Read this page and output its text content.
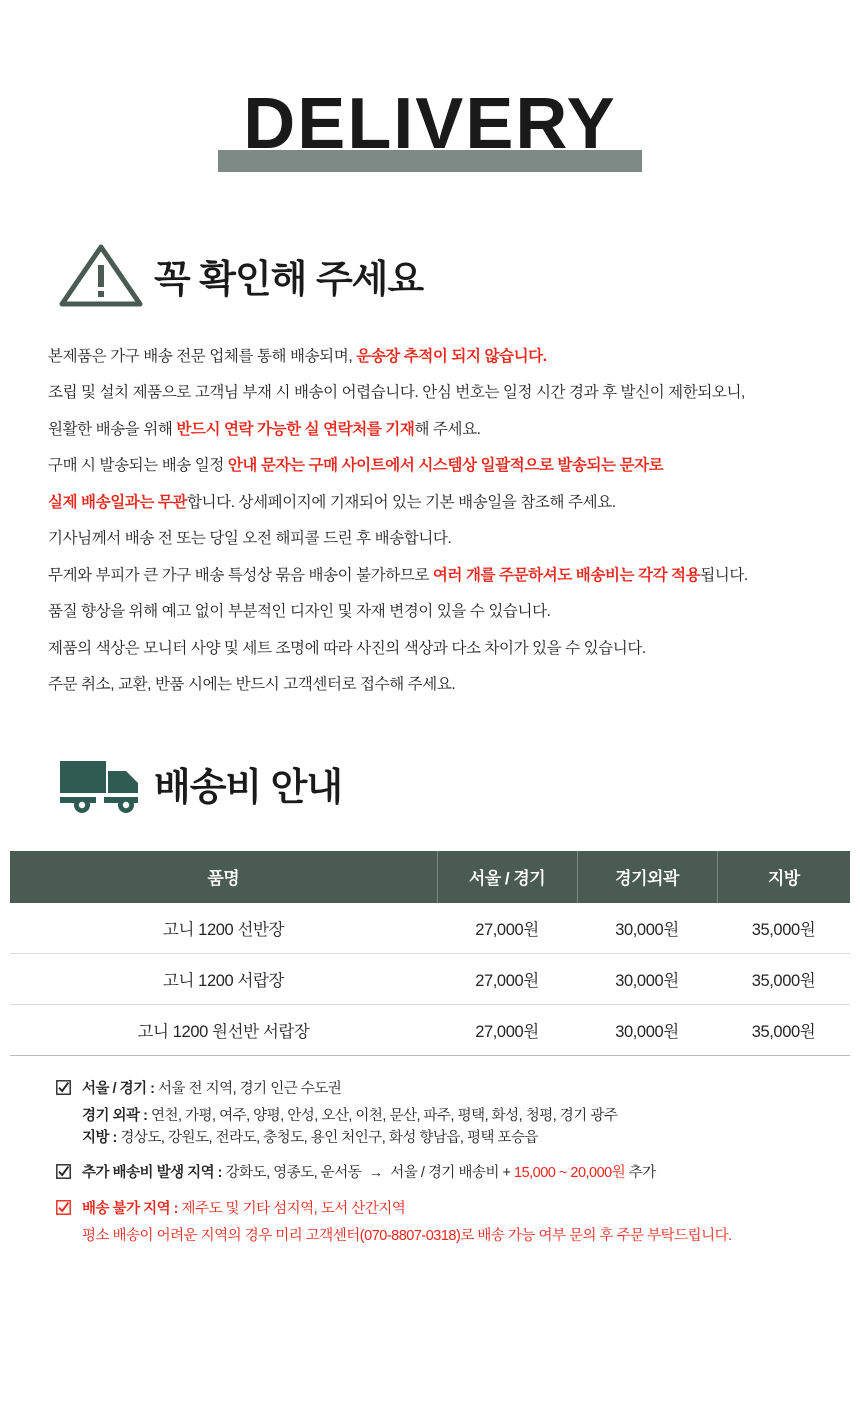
DELIVERY
꼭 확인해 주세요

본제품은 가구 배송 전문 업체를 통해 배송되며, 운송장 추적이 되지 않습니다.

조립 및 설치 제품으로 고객님 부재 시 배송이 어렵습니다. 안심 번호는 일정 시간 경과 후 발신이 제한되오니,

원활한 배송을 위해 반드시 연락 가능한 실 연락처를 기재해 주세요.

구매 시 발송되는 배송 일정 안내 문자는 구매 사이트에서 시스템상 일괄적으로 발송되는 문자로

실제 배송일과는 무관합니다. 상세페이지에 기재되어 있는 기본 배송일을 참조해 주세요.

기사님께서 배송 전 또는 당일 오전 해피콜 드린 후 배송합니다.

무게와 부피가 큰 가구 배송 특성상 묶음 배송이 불가하므로 여러 개를 주문하셔도 배송비는 각각 적용됩니다.

품질 향상을 위해 예고 없이 부분적인 디자인 및 자재 변경이 있을 수 있습니다.

제품의 색상은 모니터 사양 및 세트 조명에 따라 사진의 색상과 다소 차이가 있을 수 있습니다.

주문 취소, 교환, 반품 시에는 반드시 고객센터로 접수해 주세요.

배송비 안내
품명	서울 / 경기	경기외곽	지방
고니 1200 선반장	27,000원	30,000원	35,000원
고니 1200 서랍장	27,000원	30,000원	35,000원
고니 1200 원선반 서랍장	27,000원	30,000원	35,000원
서울 / 경기 : 서울 전 지역, 경기 인근 수도권
경기 외곽 : 연천, 가평, 여주, 양평, 안성, 오산, 이천, 문산, 파주, 평택, 화성, 청평, 경기 광주
지방 : 경상도, 강원도, 전라도, 충청도, 용인 처인구, 화성 향남읍, 평택 포승읍
추가 배송비 발생 지역 : 강화도, 영종도, 운서동 → 서울 / 경기 배송비 + 15,000 ~ 20,000원 추가
배송 불가 지역 : 제주도 및 기타 섬지역, 도서 산간지역
평소 배송이 어려운 지역의 경우 미리 고객센터(070-8807-0318)로 배송 가능 여부 문의 후 주문 부탁드립니다.
